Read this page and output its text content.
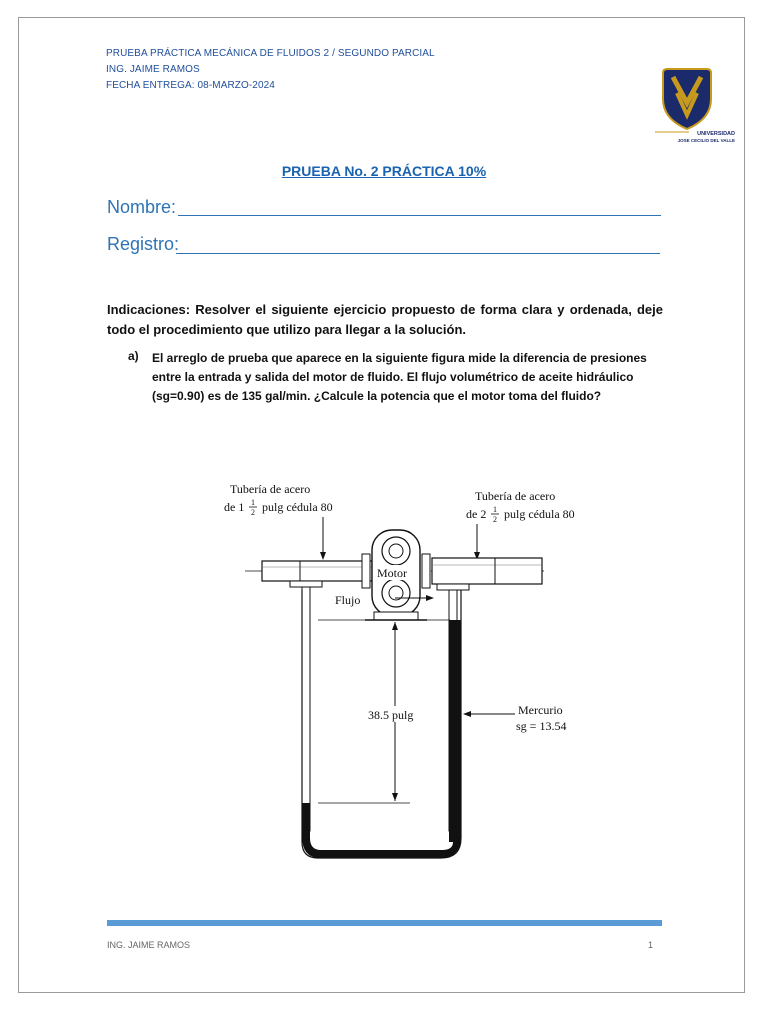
PRUEBA PRÁCTICA MECÁNICA DE FLUIDOS 2 / SEGUNDO PARCIAL
ING. JAIME RAMOS
FECHA ENTREGA: 08-MARZO-2024
UNIVERSIDAD
JOSE CECILIO DEL VALLE
PRUEBA No. 2 PRÁCTICA 10%
Nombre:
Registro:
Indicaciones: Resolver el siguiente ejercicio propuesto de forma clara y ordenada, deje todo el procedimiento que utilizo para llegar a la solución.
a) El arreglo de prueba que aparece en la siguiente figura mide la diferencia de presiones entre la entrada y salida del motor de fluido. El flujo volumétrico de aceite hidráulico (sg=0.90) es de 135 gal/min. ¿Calcule la potencia que el motor toma del fluido?
Tubería de acero
de 1 1
2 pulg cédula 80
Tubería de acero
de 2 1
2 pulg cédula 80
Motor
Flujo
38.5 pulg	Mercurio
sg = 13.54
ING. JAIME RAMOS	1
